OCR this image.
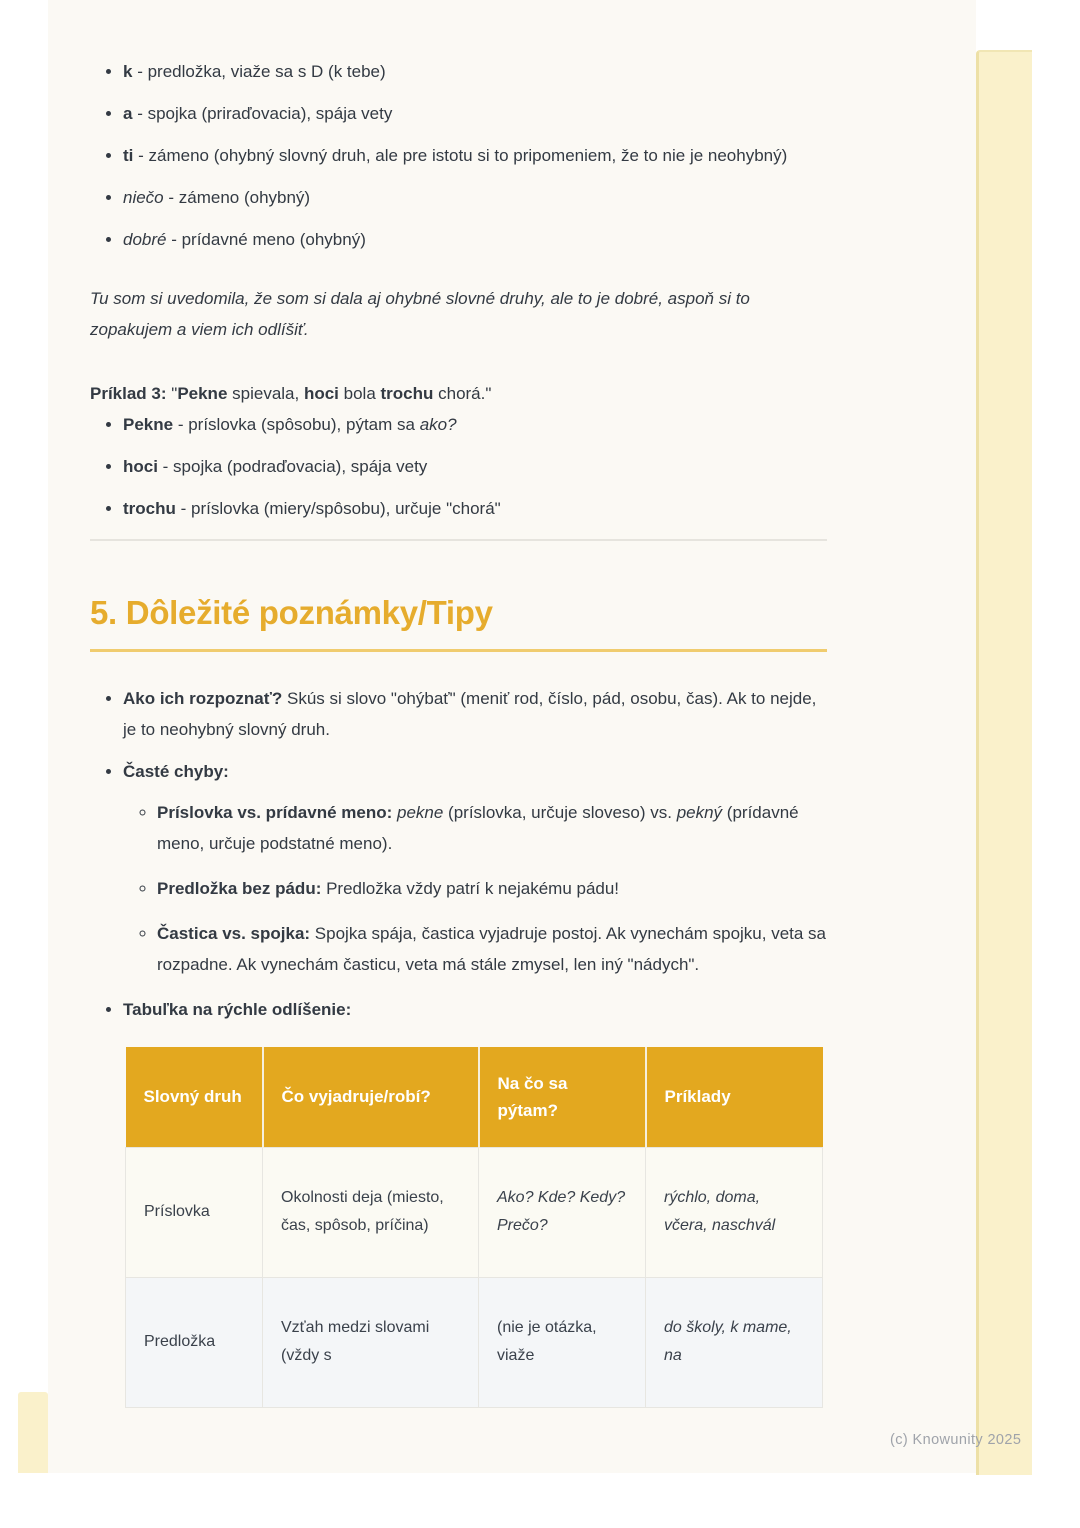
• k - predložka, viaže sa s D (k tebe)
• a - spojka (priraďovacia), spája vety
• ti - zámeno (ohybný slovný druh, ale pre istotu si to pripomeniem, že to nie je neohybný)
• niečo - zámeno (ohybný)
• dobré - prídavné meno (ohybný)

Tu som si uvedomila, že som si dala aj ohybné slovné druhy, ale to je dobré, aspoň si to zopakujem a viem ich odlíšiť.

Príklad 3: "Pekne spievala, hoci bola trochu chorá."

• Pekne - príslovka (spôsobu), pýtam sa ako?
• hoci - spojka (podraďovacia), spája vety
• trochu - príslovka (miery/spôsobu), určuje "chorá"
5. Dôležité poznámky/Tipy
• Ako ich rozpoznať? Skús si slovo "ohýbať" (meniť rod, číslo, pád, osobu, čas). Ak to nejde, je to neohybný slovný druh.
• Časté chyby:
◦ Príslovka vs. prídavné meno: pekne (príslovka, určuje sloveso) vs. pekný (prídavné meno, určuje podstatné meno).
◦ Predložka bez pádu: Predložka vždy patrí k nejakému pádu!
◦ Častica vs. spojka: Spojka spája, častica vyjadruje postoj. Ak vynechám spojku, veta sa rozpadne. Ak vynechám časticu, veta má stále zmysel, len iný "nádych".
• Tabuľka na rýchle odlíšenie:
Slovný druh	Čo vyjadruje/robí?	Na čo sa pýtam?	Príklady
Príslovka	Okolnosti deja (miesto, čas, spôsob, príčina)	Ako? Kde? Kedy? Prečo?	rýchlo, doma, včera, naschvál
Predložka	Vzťah medzi slovami (vždy s	(nie je otázka, viaže	do školy, k mame, na
(c) Knowunity 2025
